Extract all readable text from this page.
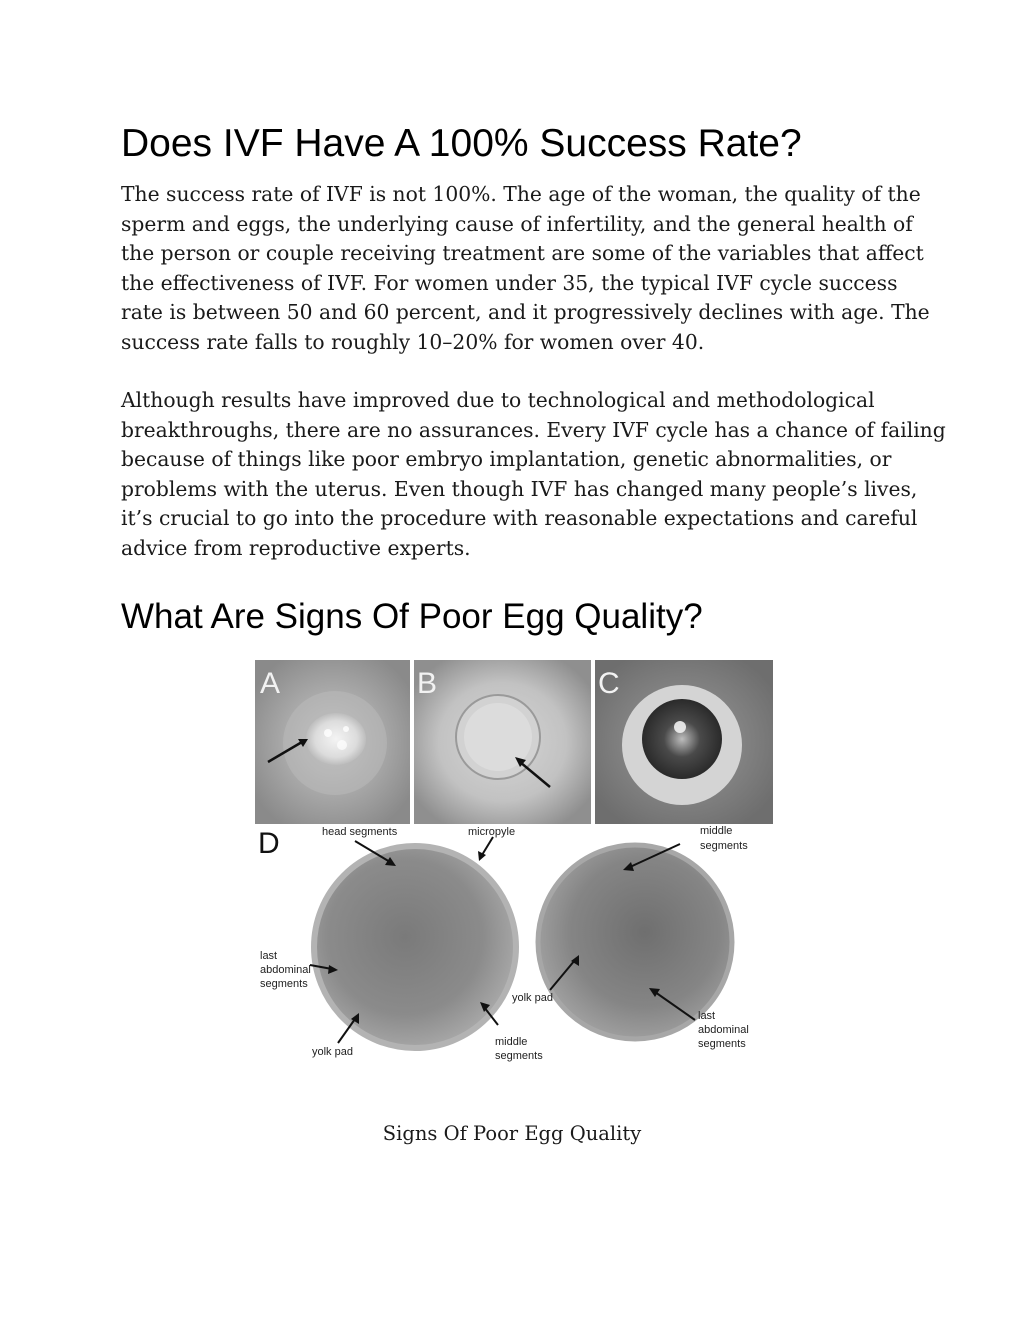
Does IVF Have A 100% Success Rate?

The success rate of IVF is not 100%. The age of the woman, the quality of the
sperm and eggs, the underlying cause of infertility, and the general health of
the person or couple receiving treatment are some of the variables that affect
the effectiveness of IVF. For women under 35, the typical IVF cycle success
rate is between 50 and 60 percent, and it progressively declines with age. The
success rate falls to roughly 10–20% for women over 40.

Although results have improved due to technological and methodological
breakthroughs, there are no assurances. Every IVF cycle has a chance of failing
because of things like poor embryo implantation, genetic abnormalities, or
problems with the uterus. Even though IVF has changed many people’s lives,
it’s crucial to go into the procedure with reasonable expectations and careful
advice from reproductive experts.

What Are Signs Of Poor Egg Quality?
A	B	C
D	head segments	micropyle	middle
segments
last
abdominal
segments
yolk pad
middle
segments
yolk pad
last
abdominal
segments
Signs Of Poor Egg Quality
